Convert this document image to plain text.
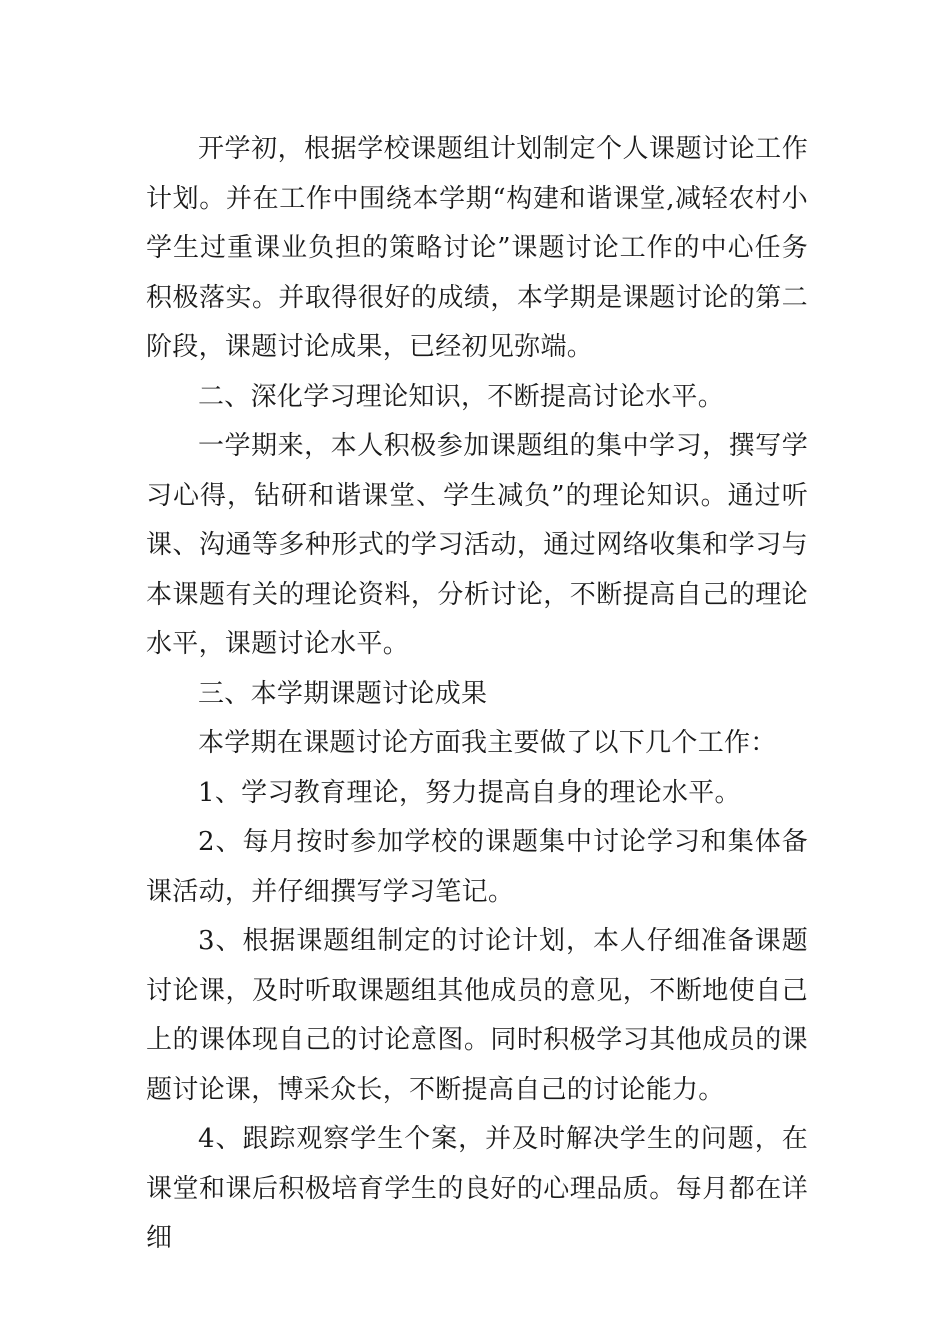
开学初，根据学校课题组计划制定个人课题讨论工作计划。并在工作中围绕本学期“构建和谐课堂,减轻农村小学生过重课业负担的策略讨论”课题讨论工作的中心任务积极落实。并取得很好的成绩，本学期是课题讨论的第二阶段，课题讨论成果，已经初见弥端。

二、深化学习理论知识，不断提高讨论水平。

一学期来，本人积极参加课题组的集中学习，撰写学习心得，钻研和谐课堂、学生减负”的理论知识。通过听课、沟通等多种形式的学习活动，通过网络收集和学习与本课题有关的理论资料，分析讨论，不断提高自己的理论水平，课题讨论水平。

三、本学期课题讨论成果

本学期在课题讨论方面我主要做了以下几个工作：

1、学习教育理论，努力提高自身的理论水平。

2、每月按时参加学校的课题集中讨论学习和集体备课活动，并仔细撰写学习笔记。

3、根据课题组制定的讨论计划，本人仔细准备课题讨论课，及时听取课题组其他成员的意见，不断地使自己上的课体现自己的讨论意图。同时积极学习其他成员的课题讨论课，博采众长，不断提高自己的讨论能力。

4、跟踪观察学生个案，并及时解决学生的问题，在课堂和课后积极培育学生的良好的心理品质。每月都在详细
